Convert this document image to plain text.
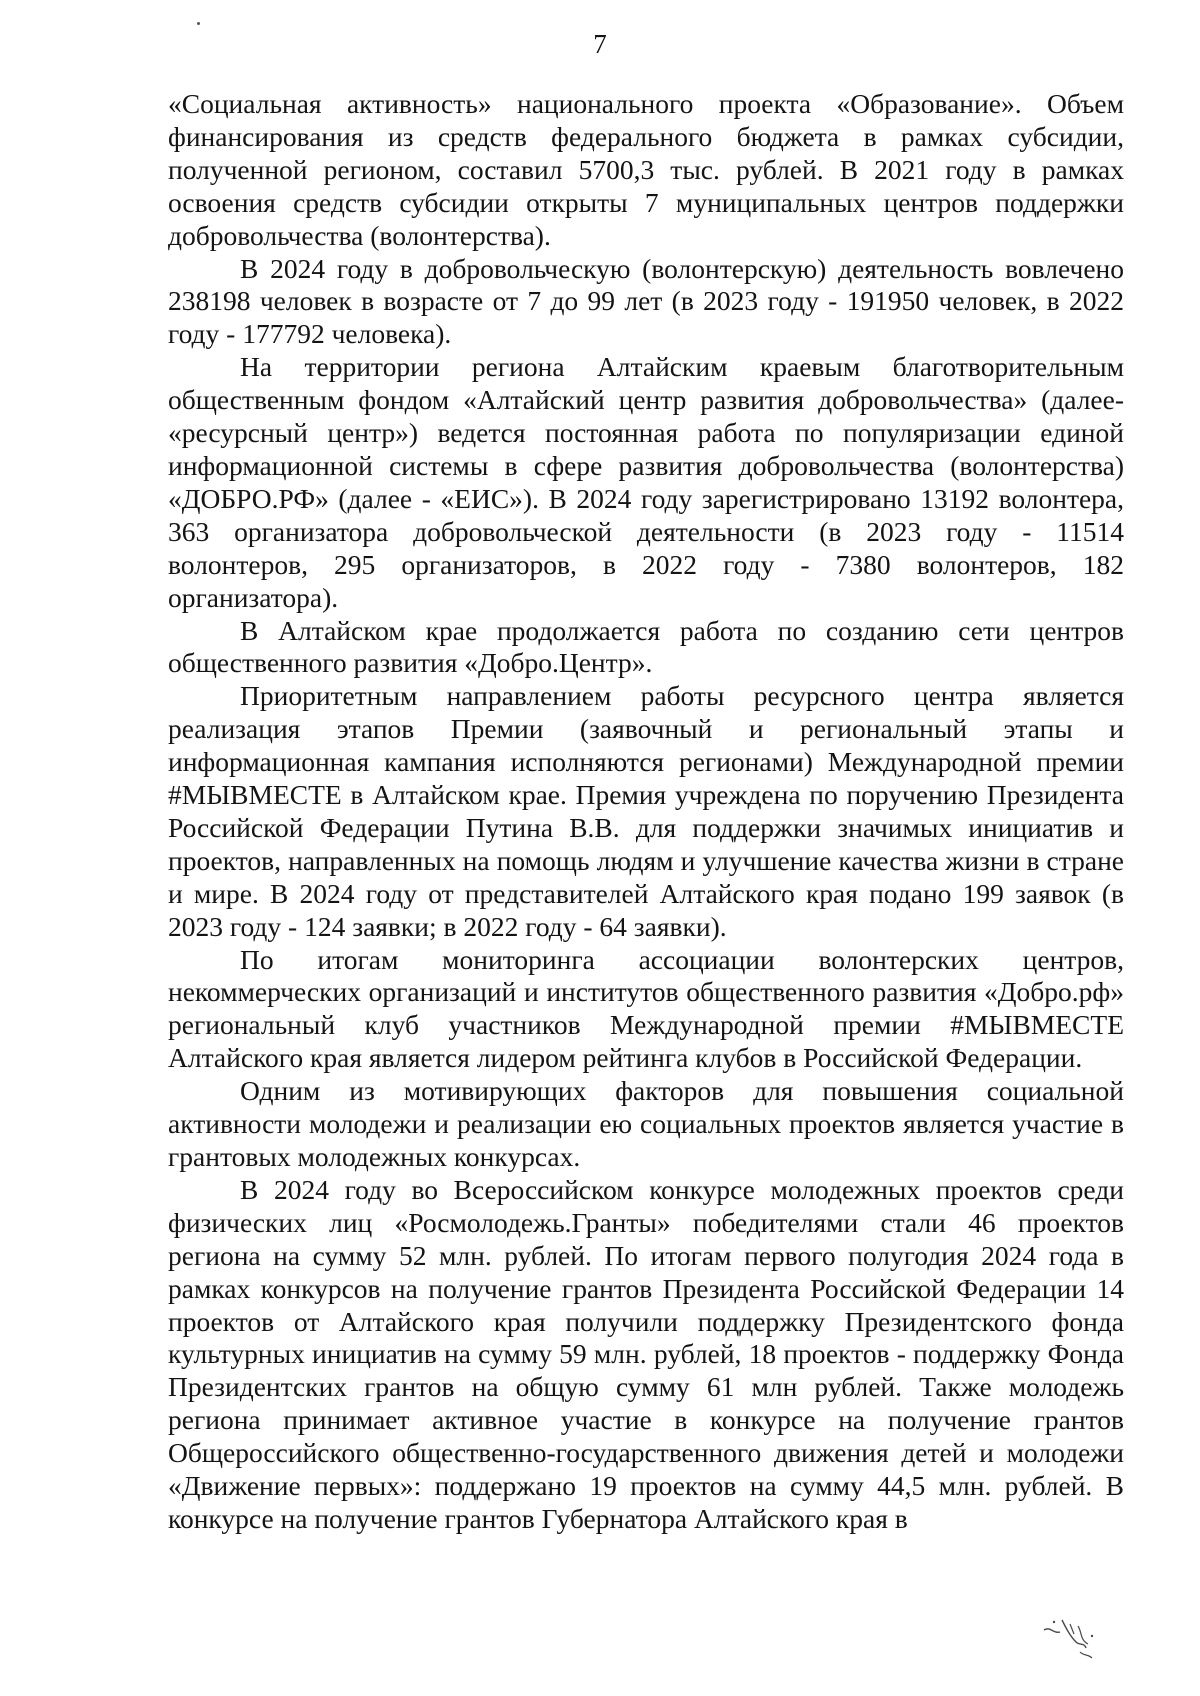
7

«Социальная активность» национального проекта «Образование». Объем финансирования из средств федерального бюджета в рамках субсидии, полученной регионом, составил 5700,3 тыс. рублей. В 2021 году в рамках освоения средств субсидии открыты 7 муниципальных центров поддержки добровольчества (волонтерства).

В 2024 году в добровольческую (волонтерскую) деятельность вовлечено 238198 человек в возрасте от 7 до 99 лет (в 2023 году - 191950 человек, в 2022 году - 177792 человека).

На территории региона Алтайским краевым благотворительным общественным фондом «Алтайский центр развития добровольчества» (далее- «ресурсный центр») ведется постоянная работа по популяризации единой информационной системы в сфере развития добровольчества (волонтерства) «ДОБРО.РФ» (далее - «ЕИС»). В 2024 году зарегистрировано 13192 волонтера, 363 организатора добровольческой деятельности (в 2023 году - 11514 волонтеров, 295 организаторов, в 2022 году - 7380 волонтеров, 182 организатора).

В Алтайском крае продолжается работа по созданию сети центров общественного развития «Добро.Центр».

Приоритетным направлением работы ресурсного центра является реализация этапов Премии (заявочный и региональный этапы и информационная кампания исполняются регионами) Международной премии #МЫВМЕСТЕ в Алтайском крае. Премия учреждена по поручению Президента Российской Федерации Путина В.В. для поддержки значимых инициатив и проектов, направленных на помощь людям и улучшение качества жизни в стране и мире. В 2024 году от представителей Алтайского края подано 199 заявок (в 2023 году - 124 заявки; в 2022 году - 64 заявки).

По итогам мониторинга ассоциации волонтерских центров, некоммерческих организаций и институтов общественного развития «Добро.рф» региональный клуб участников Международной премии #МЫВМЕСТЕ Алтайского края является лидером рейтинга клубов в Российской Федерации.

Одним из мотивирующих факторов для повышения социальной активности молодежи и реализации ею социальных проектов является участие в грантовых молодежных конкурсах.

В 2024 году во Всероссийском конкурсе молодежных проектов среди физических лиц «Росмолодежь.Гранты» победителями стали 46 проектов региона на сумму 52 млн. рублей. По итогам первого полугодия 2024 года в рамках конкурсов на получение грантов Президента Российской Федерации 14 проектов от Алтайского края получили поддержку Президентского фонда культурных инициатив на сумму 59 млн. рублей, 18 проектов - поддержку Фонда Президентских грантов на общую сумму 61 млн рублей. Также молодежь региона принимает активное участие в конкурсе на получение грантов Общероссийского общественно-государственного движения детей и молодежи «Движение первых»: поддержано 19 проектов на сумму 44,5 млн. рублей. В конкурсе на получение грантов Губернатора Алтайского края в
